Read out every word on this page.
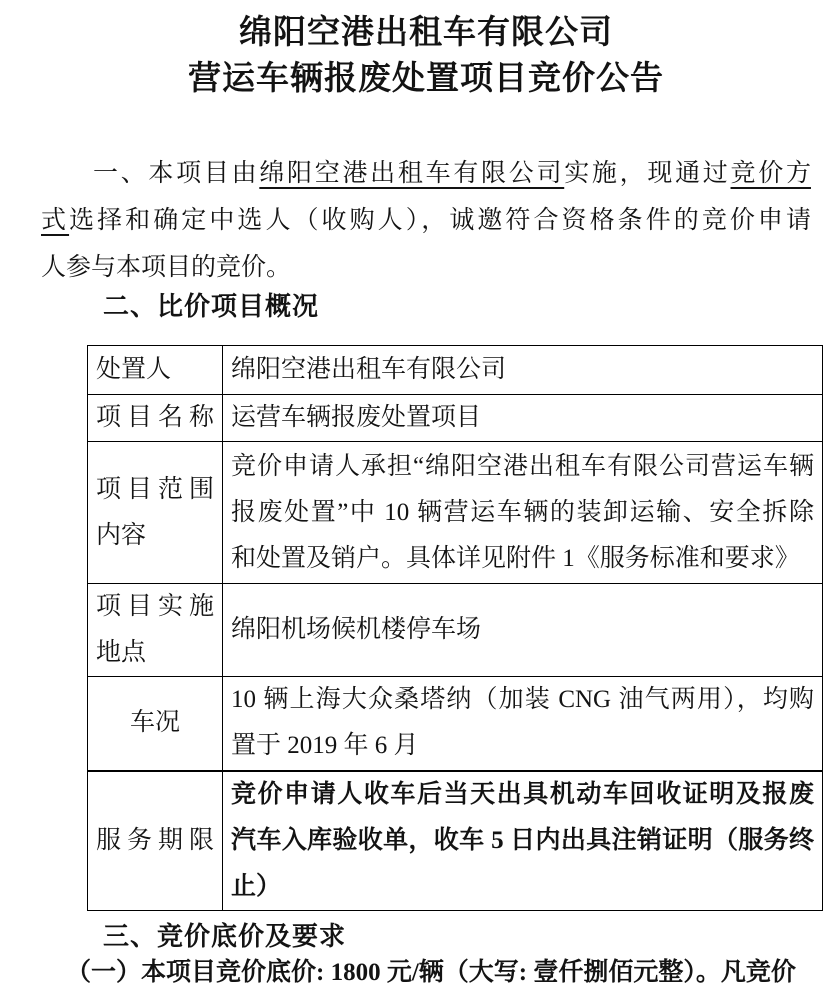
绵阳空港出租车有限公司
营运车辆报废处置项目竞价公告
一、本项目由绵阳空港出租车有限公司实施，现通过竞价方
式选择和确定中选人（收购人），诚邀符合资格条件的竞价申请
人参与本项目的竞价。
二、比价项目概况
处置人	绵阳空港出租车有限公司
项目名称	运营车辆报废处置项目
项目范围内容	竞价申请人承担“绵阳空港出租车有限公司营运车辆
报废处置”中 10 辆营运车辆的装卸运输、安全拆除
和处置及销户。具体详见附件 1《服务标准和要求》

项目实施地点	绵阳机场候机楼停车场
车况	10 辆上海大众桑塔纳（加装 CNG 油气两用），均购
置于 2019 年 6 月

服务期限	竞价申请人收车后当天出具机动车回收证明及报废
汽车入库验收单，收车 5 日内出具注销证明（服务终
止）
三、竞价底价及要求
（一）本项目竞价底价: 1800 元/辆（大写: 壹仟捌佰元整）。凡竞价
